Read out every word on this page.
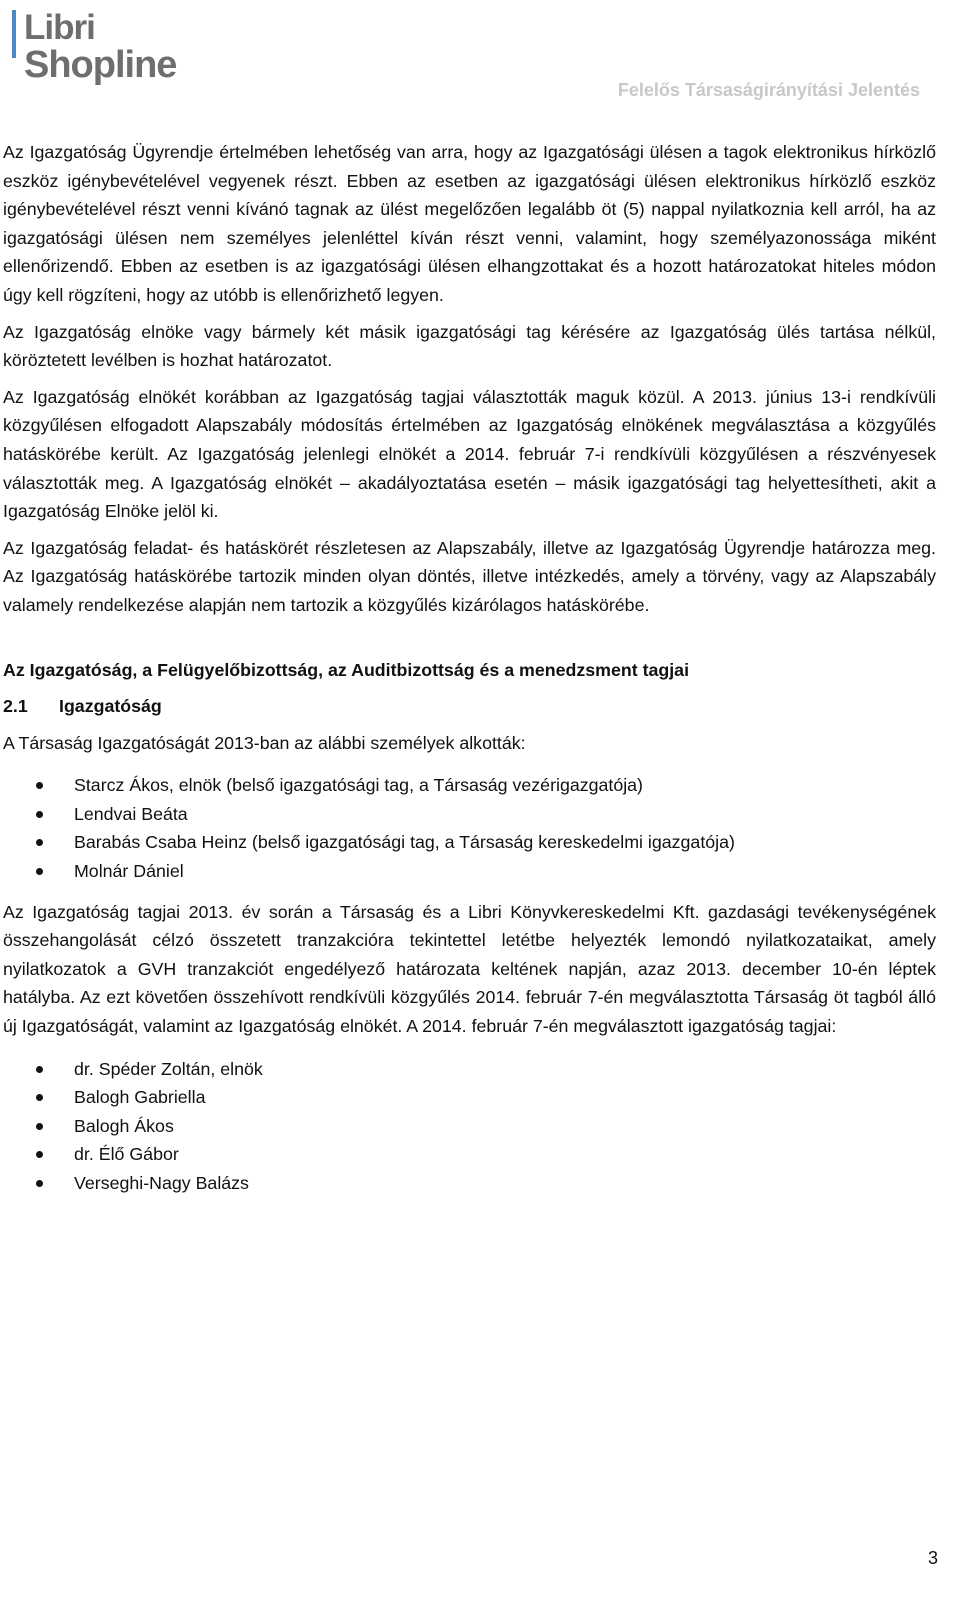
Libri
Shopline
Felelős Társaságirányítási Jelentés

Az Igazgatóság Ügyrendje értelmében lehetőség van arra, hogy az Igazgatósági ülésen a tagok elektronikus hírközlő eszköz igénybevételével vegyenek részt. Ebben az esetben az igazgatósági ülésen elektronikus hírközlő eszköz igénybevételével részt venni kívánó tagnak az ülést megelőzően legalább öt (5) nappal nyilatkoznia kell arról, ha az igazgatósági ülésen nem személyes jelenléttel kíván részt venni, valamint, hogy személyazonossága miként ellenőrizendő. Ebben az esetben is az igazgatósági ülésen elhangzottakat és a hozott határozatokat hiteles módon úgy kell rögzíteni, hogy az utóbb is ellenőrizhető legyen.

Az Igazgatóság elnöke vagy bármely két másik igazgatósági tag kérésére az Igazgatóság ülés tartása nélkül, köröztetett levélben is hozhat határozatot.

Az Igazgatóság elnökét korábban az Igazgatóság tagjai választották maguk közül. A 2013. június 13-i rendkívüli közgyűlésen elfogadott Alapszabály módosítás értelmében az Igazgatóság elnökének megválasztása a közgyűlés hatáskörébe került. Az Igazgatóság jelenlegi elnökét a 2014. február 7-i rendkívüli közgyűlésen a részvényesek választották meg. A Igazgatóság elnökét – akadályoztatása esetén – másik igazgatósági tag helyettesítheti, akit a Igazgatóság Elnöke jelöl ki.

Az Igazgatóság feladat- és hatáskörét részletesen az Alapszabály, illetve az Igazgatóság Ügyrendje határozza meg. Az Igazgatóság hatáskörébe tartozik minden olyan döntés, illetve intézkedés, amely a törvény, vagy az Alapszabály valamely rendelkezése alapján nem tartozik a közgyűlés kizárólagos hatáskörébe.

Az Igazgatóság, a Felügyelőbizottság, az Auditbizottság és a menedzsment tagjai
2.1 Igazgatóság

A Társaság Igazgatóságát 2013-ban az alábbi személyek alkották:

Starcz Ákos, elnök (belső igazgatósági tag, a Társaság vezérigazgatója)
Lendvai Beáta
Barabás Csaba Heinz (belső igazgatósági tag, a Társaság kereskedelmi igazgatója)
Molnár Dániel

Az Igazgatóság tagjai 2013. év során a Társaság és a Libri Könyvkereskedelmi Kft. gazdasági tevékenységének összehangolását célzó összetett tranzakcióra tekintettel letétbe helyezték lemondó nyilatkozataikat, amely nyilatkozatok a GVH tranzakciót engedélyező határozata keltének napján, azaz 2013. december 10-én léptek hatályba. Az ezt követően összehívott rendkívüli közgyűlés 2014. február 7-én megválasztotta Társaság öt tagból álló új Igazgatóságát, valamint az Igazgatóság elnökét. A 2014. február 7-én megválasztott igazgatóság tagjai:

dr. Spéder Zoltán, elnök
Balogh Gabriella
Balogh Ákos
dr. Élő Gábor
Verseghi-Nagy Balázs
3
